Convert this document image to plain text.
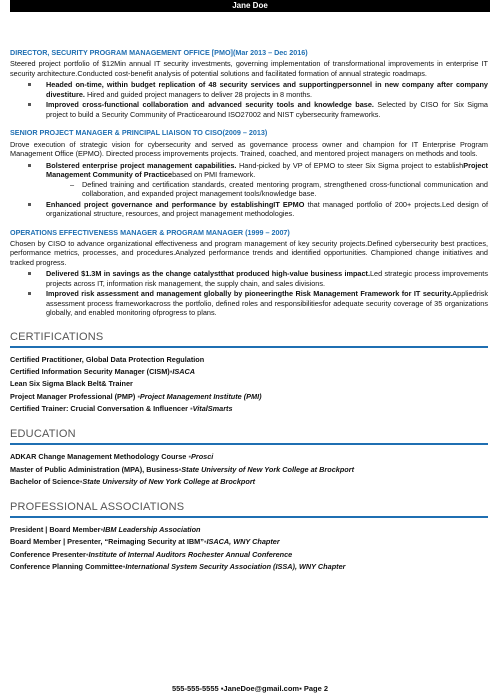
Jane Doe
DIRECTOR, SECURITY PROGRAM MANAGEMENT OFFICE [PMO](Mar 2013 – Dec 2016)

Steered project portfolio of $12Min annual IT security investments, governing implementation of transformational improvements in enterprise IT security architecture.Conducted cost-benefit analysis of potential solutions and facilitated formation of annual strategic roadmaps.

Headed on-time, within budget replication of 48 security services and supportingpersonnel in new company after company divestiture. Hired and guided project managers to deliver 28 projects in 8 months.
Improved cross-functional collaboration and advanced security tools and knowledge base. Selected by CISO for Six Sigma project to build a Security Community of Practicearound ISO27002 and NIST cybersecurity frameworks.
SENIOR PROJECT MANAGER & PRINCIPAL LIAISON TO CISO(2009 – 2013)

Drove execution of strategic vision for cybersecurity and served as governance process owner and champion for IT Enterprise Program Management Office (EPMO). Directed process improvements projects. Trained, coached, and mentored project managers on methods and tools.

Bolstered enterprise project management capabilities. Hand-picked by VP of EPMO to steer Six Sigma project to establishProject Management Community of Practicebased on PMI framework.
– Defined training and certification standards, created mentoring program, strengthened cross-functional communication and collaboration, and expanded project management tools/knowledge base.
Enhanced project governance and performance by establishingIT EPMO that managed portfolio of 200+ projects.Led design of organizational structure, resources, and project management methodologies.
OPERATIONS EFFECTIVENESS MANAGER & PROGRAM MANAGER (1999 – 2007)

Chosen by CISO to advance organizational effectiveness and program management of key security projects.Defined cybersecurity best practices, performance metrics, processes, and procedures.Analyzed performance trends and identified opportunities. Championed change initiatives and tracked progress.

Delivered $1.3M in savings as the change catalystthat produced high-value business impact.Led strategic process improvements projects across IT, information risk management, the supply chain, and sales divisions.
Improved risk assessment and management globally by pioneeringthe Risk Management Framework for IT security.Appliedrisk assessment process frameworkacross the portfolio, defined roles and responsibilitiesfor adequate security coverage of 35 organizations globally, and enabled monitoring ofprogress to plans.
CERTIFICATIONS
Certified Practitioner, Global Data Protection Regulation
Certified Information Security Manager (CISM)▪ISACA
Lean Six Sigma Black Belt& Trainer
Project Manager Professional (PMP) ▪Project Management Institute (PMI)
Certified Trainer: Crucial Conversation & Influencer ▪VitalSmarts
EDUCATION
ADKAR Change Management Methodology Course ▪Prosci
Master of Public Administration (MPA), Business▪State University of New York College at Brockport
Bachelor of Science▪State University of New York College at Brockport
PROFESSIONAL ASSOCIATIONS
President | Board Member▪IBM Leadership Association
Board Member | Presenter, “Reimaging Security at IBM”▪ISACA, WNY Chapter
Conference Presenter▪Institute of Internal Auditors Rochester Annual Conference
Conference Planning Committee▪International System Security Association (ISSA), WNY Chapter
555-555-5555 ▪JaneDoe@gmail.com▪ Page 2
